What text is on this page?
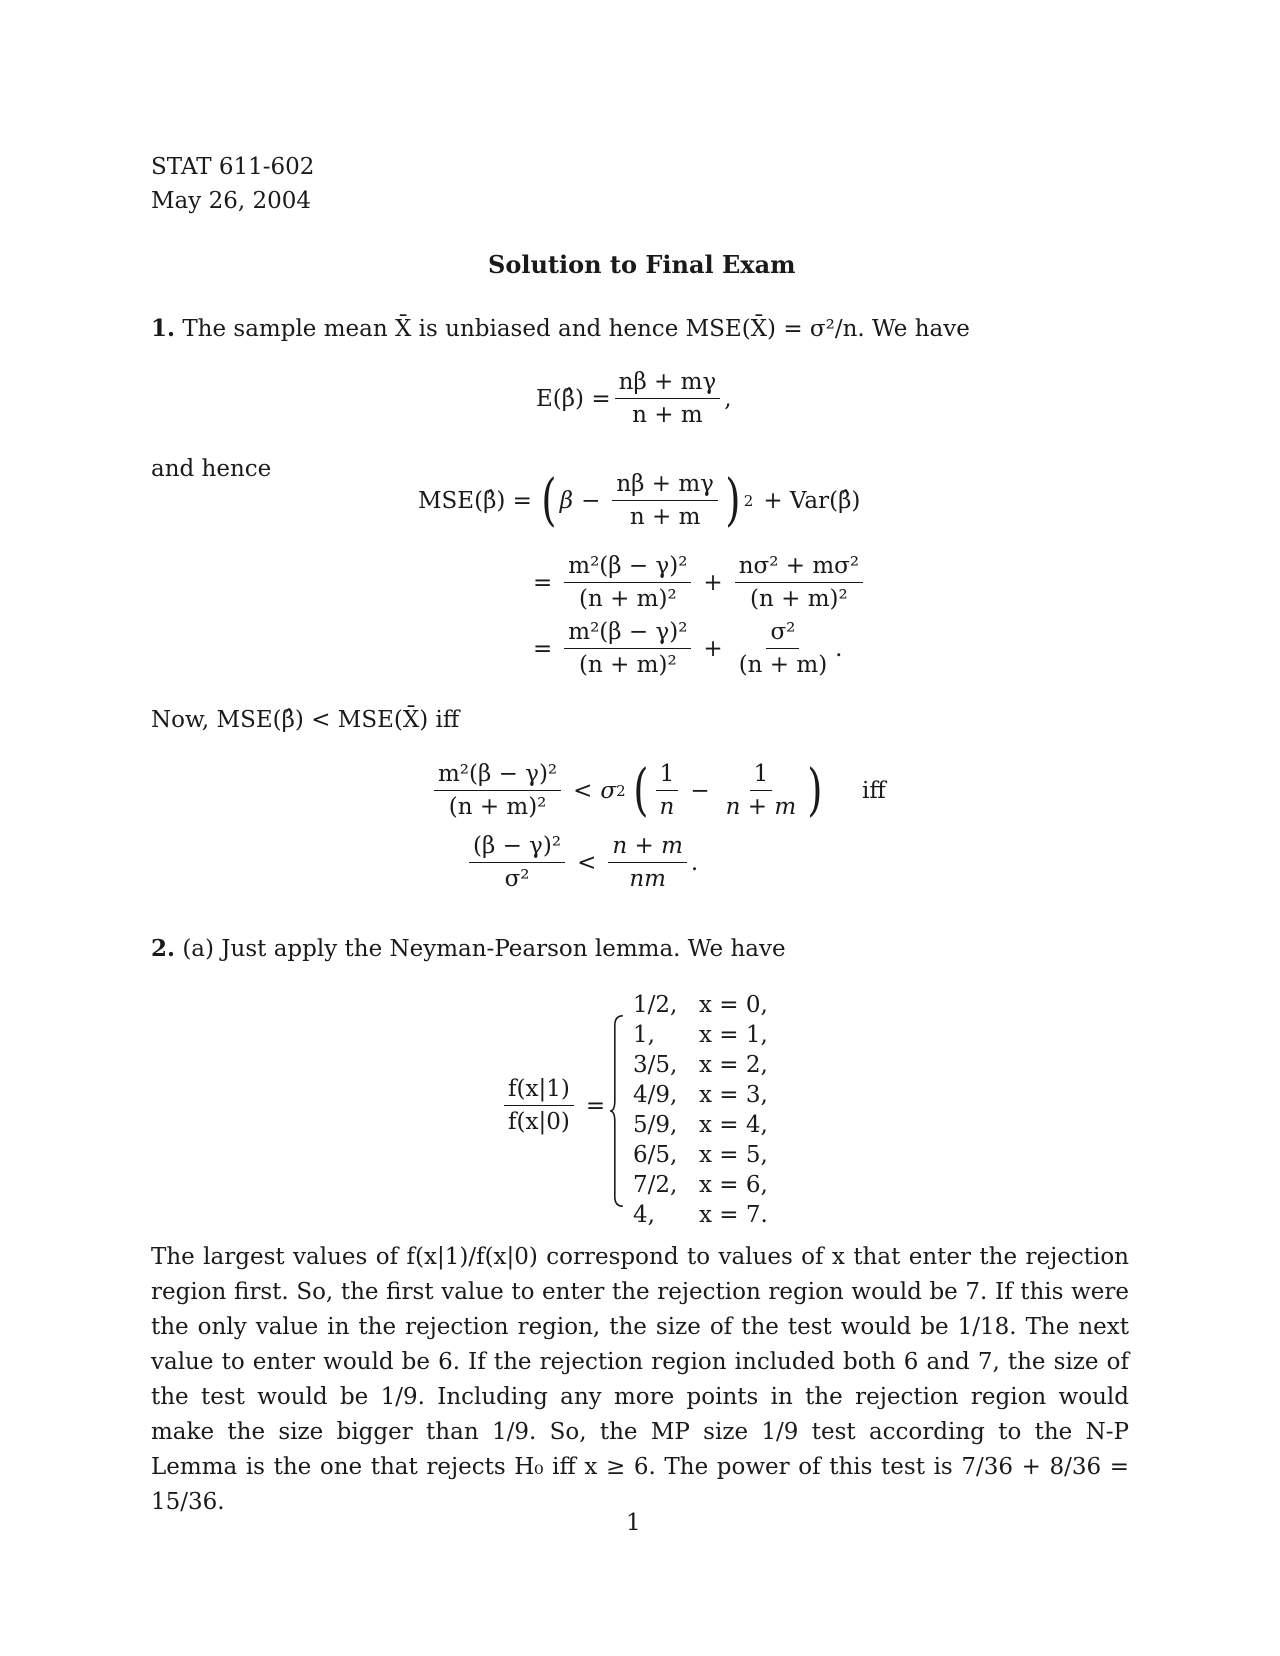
STAT 611-602
May 26, 2004
Solution to Final Exam
1. The sample mean X̄ is unbiased and hence MSE(X̄) = σ²/n. We have
E(β̂) = $\frac{n\beta + m\gamma}{n + m}$ ,
and hence
MSE(β̂) = ( $\beta - \frac{n\beta + m\gamma}{n + m}$ ) 2 + Var(β̂)
= $\frac{\text{m²(β − γ)²}}{\text{(n + m)²}} + \frac{\text{nσ² + mσ²}}{\text{(n + m)²}}$
= $\frac{\text{m²(β − γ)²}}{\text{(n + m)²}} + \frac{\text{σ²}}{(n + m)}$ .
Now, MSE(β̂) < MSE(X̄) iff
$\frac{\text{m²(β − γ)²}}{\text{(n + m)²}} < \sigma$ 2 ( $\frac{1}{n} - \frac{1}{n + m}$ ) iff
$\frac{\text{(β − γ)²}}{\text{σ²}} < \frac{n + m}{nm}$ .
2. (a) Just apply the Neyman-Pearson lemma. We have
$\frac{f(x|1)}{f(x|0)}$ =
1/2, x = 0,
1,	x = 1,
3/5, x = 2,
4/9, x = 3,
5/9, x = 4,
6/5, x = 5,
7/2, x = 6,
4,	x = 7.
The largest values of f(x|1)/f(x|0) correspond to values of x that enter the rejection region first. So, the first value to enter the rejection region would be 7. If this were the only value in the rejection region, the size of the test would be 1/18. The next value to enter would be 6. If the rejection region included both 6 and 7, the size of the test would be 1/9. Including any more points in the rejection region would make the size bigger than 1/9. So, the MP size 1/9 test according to the N-P Lemma is the one that rejects H₀ iff x ≥ 6. The power of this test is 7/36 + 8/36 = 15/36.
1
